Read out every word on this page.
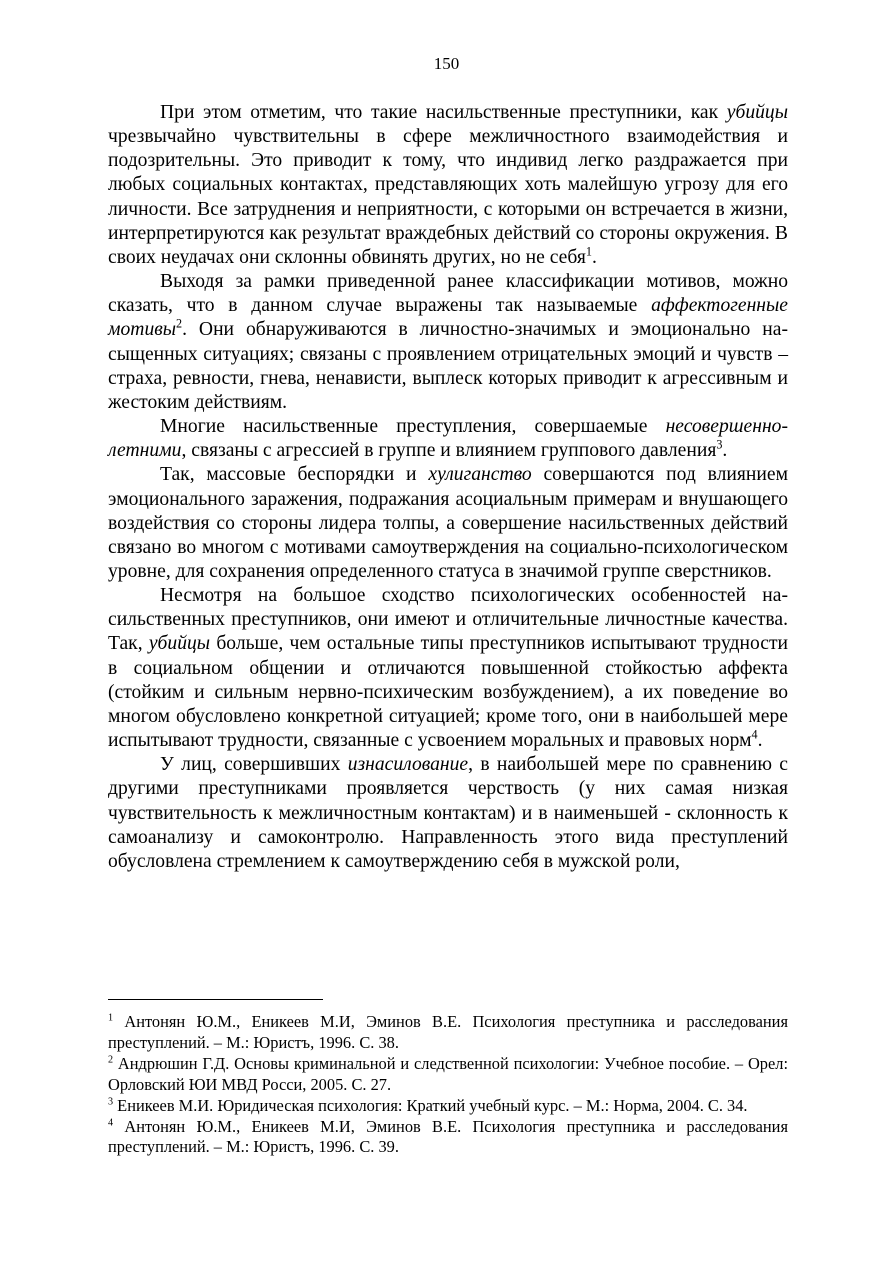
150

При этом отметим, что такие насильственные преступники, как убийцы чрезвычайно чувствительны в сфере межличностного взаимодействия и подозрительны. Это приводит к тому, что индивид легко раздражается при любых социальных контактах, представляющих хоть малейшую угрозу для его личности. Все затруднения и неприятности, с которыми он встречается в жизни, интерпретируются как результат враждебных действий со стороны окружения. В своих неудачах они склонны обвинять других, но не себя$^1$.

Выходя за рамки приведенной ранее классификации мотивов, можно сказать, что в данном случае выражены так называемые аффектогенные мотивы$^2$. Они обнаруживаются в личностно-значимых и эмоционально насыщенных ситуациях; связаны с проявлением отрицательных эмоций и чувств – страха, ревности, гнева, ненависти, выплеск которых приводит к агрессивным и жестоким действиям.

Многие насильственные преступления, совершаемые несовершеннолетними, связаны с агрессией в группе и влиянием группового давления$^3$.

Так, массовые беспорядки и хулиганство совершаются под влиянием эмоционального заражения, подражания асоциальным примерам и внушающего воздействия со стороны лидера толпы, а совершение насильственных действий связано во многом с мотивами самоутверждения на социально-психологическом уровне, для сохранения определенного статуса в значимой группе сверстников.

Несмотря на большое сходство психологических особенностей насильственных преступников, они имеют и отличительные личностные качества. Так, убийцы больше, чем остальные типы преступников испытывают трудности в социальном общении и отличаются повышенной стойкостью аффекта (стойким и сильным нервно-психическим возбуждением), а их поведение во многом обусловлено конкретной ситуацией; кроме того, они в наибольшей мере испытывают трудности, связанные с усвоением моральных и правовых норм$^4$.

У лиц, совершивших изнасилование, в наибольшей мере по сравнению с другими преступниками проявляется черствость (у них самая низкая чувствительность к межличностным контактам) и в наименьшей - склонность к самоанализу и самоконтролю. Направленность этого вида преступлений обусловлена стремлением к самоутверждению себя в мужской роли,

$^1$ Антонян Ю.М., Еникеев М.И, Эминов В.Е. Психология преступника и расследования преступлений. – М.: Юристъ, 1996. С. 38.

$^2$ Андрюшин Г.Д. Основы криминальной и следственной психологии: Учебное пособие. – Орел: Орловский ЮИ МВД Росси, 2005. С. 27.

$^3$ Еникеев М.И. Юридическая психология: Краткий учебный курс. – М.: Норма, 2004. С. 34.

$^4$ Антонян Ю.М., Еникеев М.И, Эминов В.Е. Психология преступника и расследования преступлений. – М.: Юристъ, 1996. С. 39.
